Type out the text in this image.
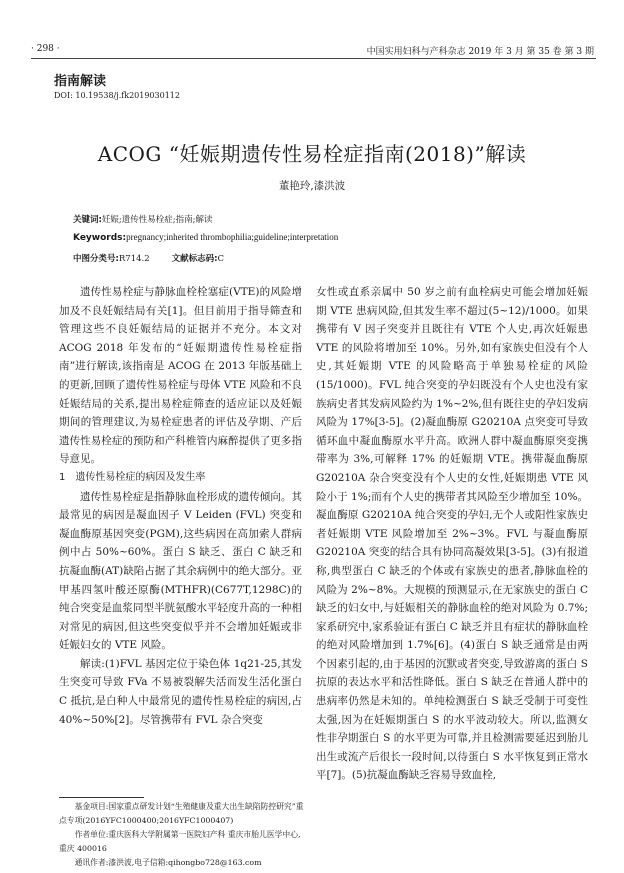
· 298 ·	中国实用妇科与产科杂志 2019 年 3 月 第 35 卷 第 3 期
指南解读
DOI: 10.19538/j.fk2019030112
ACOG “妊娠期遗传性易栓症指南(2018)”解读
董艳玲,漆洪波
关键词:妊娠;遗传性易栓症;指南;解读
Keywords:pregnancy;inherited thrombophilia;guideline;interpretation
中图分类号:R714.2	文献标志码:C

遗传性易栓症与静脉血栓栓塞症(VTE)的风险增加及不良妊娠结局有关[1]。但目前用于指导筛查和管理这些不良妊娠结局的证据并不充分。本文对 ACOG 2018 年发布的“妊娠期遗传性易栓症指南”进行解读,该指南是 ACOG 在 2013 年版基础上的更新,回顾了遗传性易栓症与母体 VTE 风险和不良妊娠结局的关系,提出易栓症筛查的适应证以及妊娠期间的管理建议,为易栓症患者的评估及孕期、产后遗传性易栓症的预防和产科椎管内麻醉提供了更多指导意见。

1　遗传性易栓症的病因及发生率

遗传性易栓症是指静脉血栓形成的遗传倾向。其最常见的病因是凝血因子 V Leiden (FVL) 突变和凝血酶原基因突变(PGM),这些病因在高加索人群病例中占 50%~60%。蛋白 S 缺乏、蛋白 C 缺乏和抗凝血酶(AT)缺陷占据了其余病例中的绝大部分。亚甲基四氢叶酸还原酶(MTHFR)(C677T,1298C)的纯合突变是血浆同型半胱氨酸水平轻度升高的一种相对常见的病因,但这些突变似乎并不会增加妊娠或非妊娠妇女的 VTE 风险。

解读:(1)FVL 基因定位于染色体 1q21-25,其发生突变可导致 FVa 不易被裂解失活而发生活化蛋白 C 抵抗,是白种人中最常见的遗传性易栓症的病因,占 40%~50%[2]。尽管携带有 FVL 杂合突变

女性或直系亲属中 50 岁之前有血栓病史可能会增加妊娠期 VTE 患病风险,但其发生率不超过(5~12)/1000。如果携带有 V 因子突变并且既往有 VTE 个人史,再次妊娠患 VTE 的风险将增加至 10%。另外,如有家族史但没有个人史,其妊娠期 VTE 的风险略高于单独易栓症的风险(15/1000)。FVL 纯合突变的孕妇既没有个人史也没有家族病史者其发病风险约为 1%~2%,但有既往史的孕妇发病风险为 17%[3-5]。(2)凝血酶原 G20210A 点突变可导致循环血中凝血酶原水平升高。欧洲人群中凝血酶原突变携带率为 3%,可解释 17% 的妊娠期 VTE。携带凝血酶原 G20210A 杂合突变没有个人史的女性,妊娠期患 VTE 风险小于 1%;而有个人史的携带者其风险至少增加至 10%。凝血酶原 G20210A 纯合突变的孕妇,无个人或阳性家族史者妊娠期 VTE 风险增加至 2%~3%。FVL 与凝血酶原 G20210A 突变的结合具有协同高凝效果[3-5]。(3)有报道称,典型蛋白 C 缺乏的个体或有家族史的患者,静脉血栓的风险为 2%~8%。大规模的预测显示,在无家族史的蛋白 C 缺乏的妇女中,与妊娠相关的静脉血栓的绝对风险为 0.7%;家系研究中,家系验证有蛋白 C 缺乏并且有症状的静脉血栓的绝对风险增加到 1.7%[6]。(4)蛋白 S 缺乏通常是由两个因素引起的,由于基因的沉默或者突变,导致游离的蛋白 S 抗原的表达水平和活性降低。蛋白 S 缺乏在普通人群中的患病率仍然是未知的。单纯检测蛋白 S 缺乏受制于可变性太强,因为在妊娠期蛋白 S 的水平波动较大。所以,监测女性非孕期蛋白 S 的水平更为可靠,并且检测需要延迟到胎儿出生或流产后很长一段时间,以待蛋白 S 水平恢复到正常水平[7]。(5)抗凝血酶缺乏容易导致血栓,

基金项目:国家重点研发计划“生殖健康及重大出生缺陷防控研究”重点专项(2016YFC1000400;2016YFC1000407)

作者单位:重庆医科大学附属第一医院妇产科 重庆市胎儿医学中心,重庆 400016

通讯作者:漆洪波,电子信箱:qihongbo728@163.com
